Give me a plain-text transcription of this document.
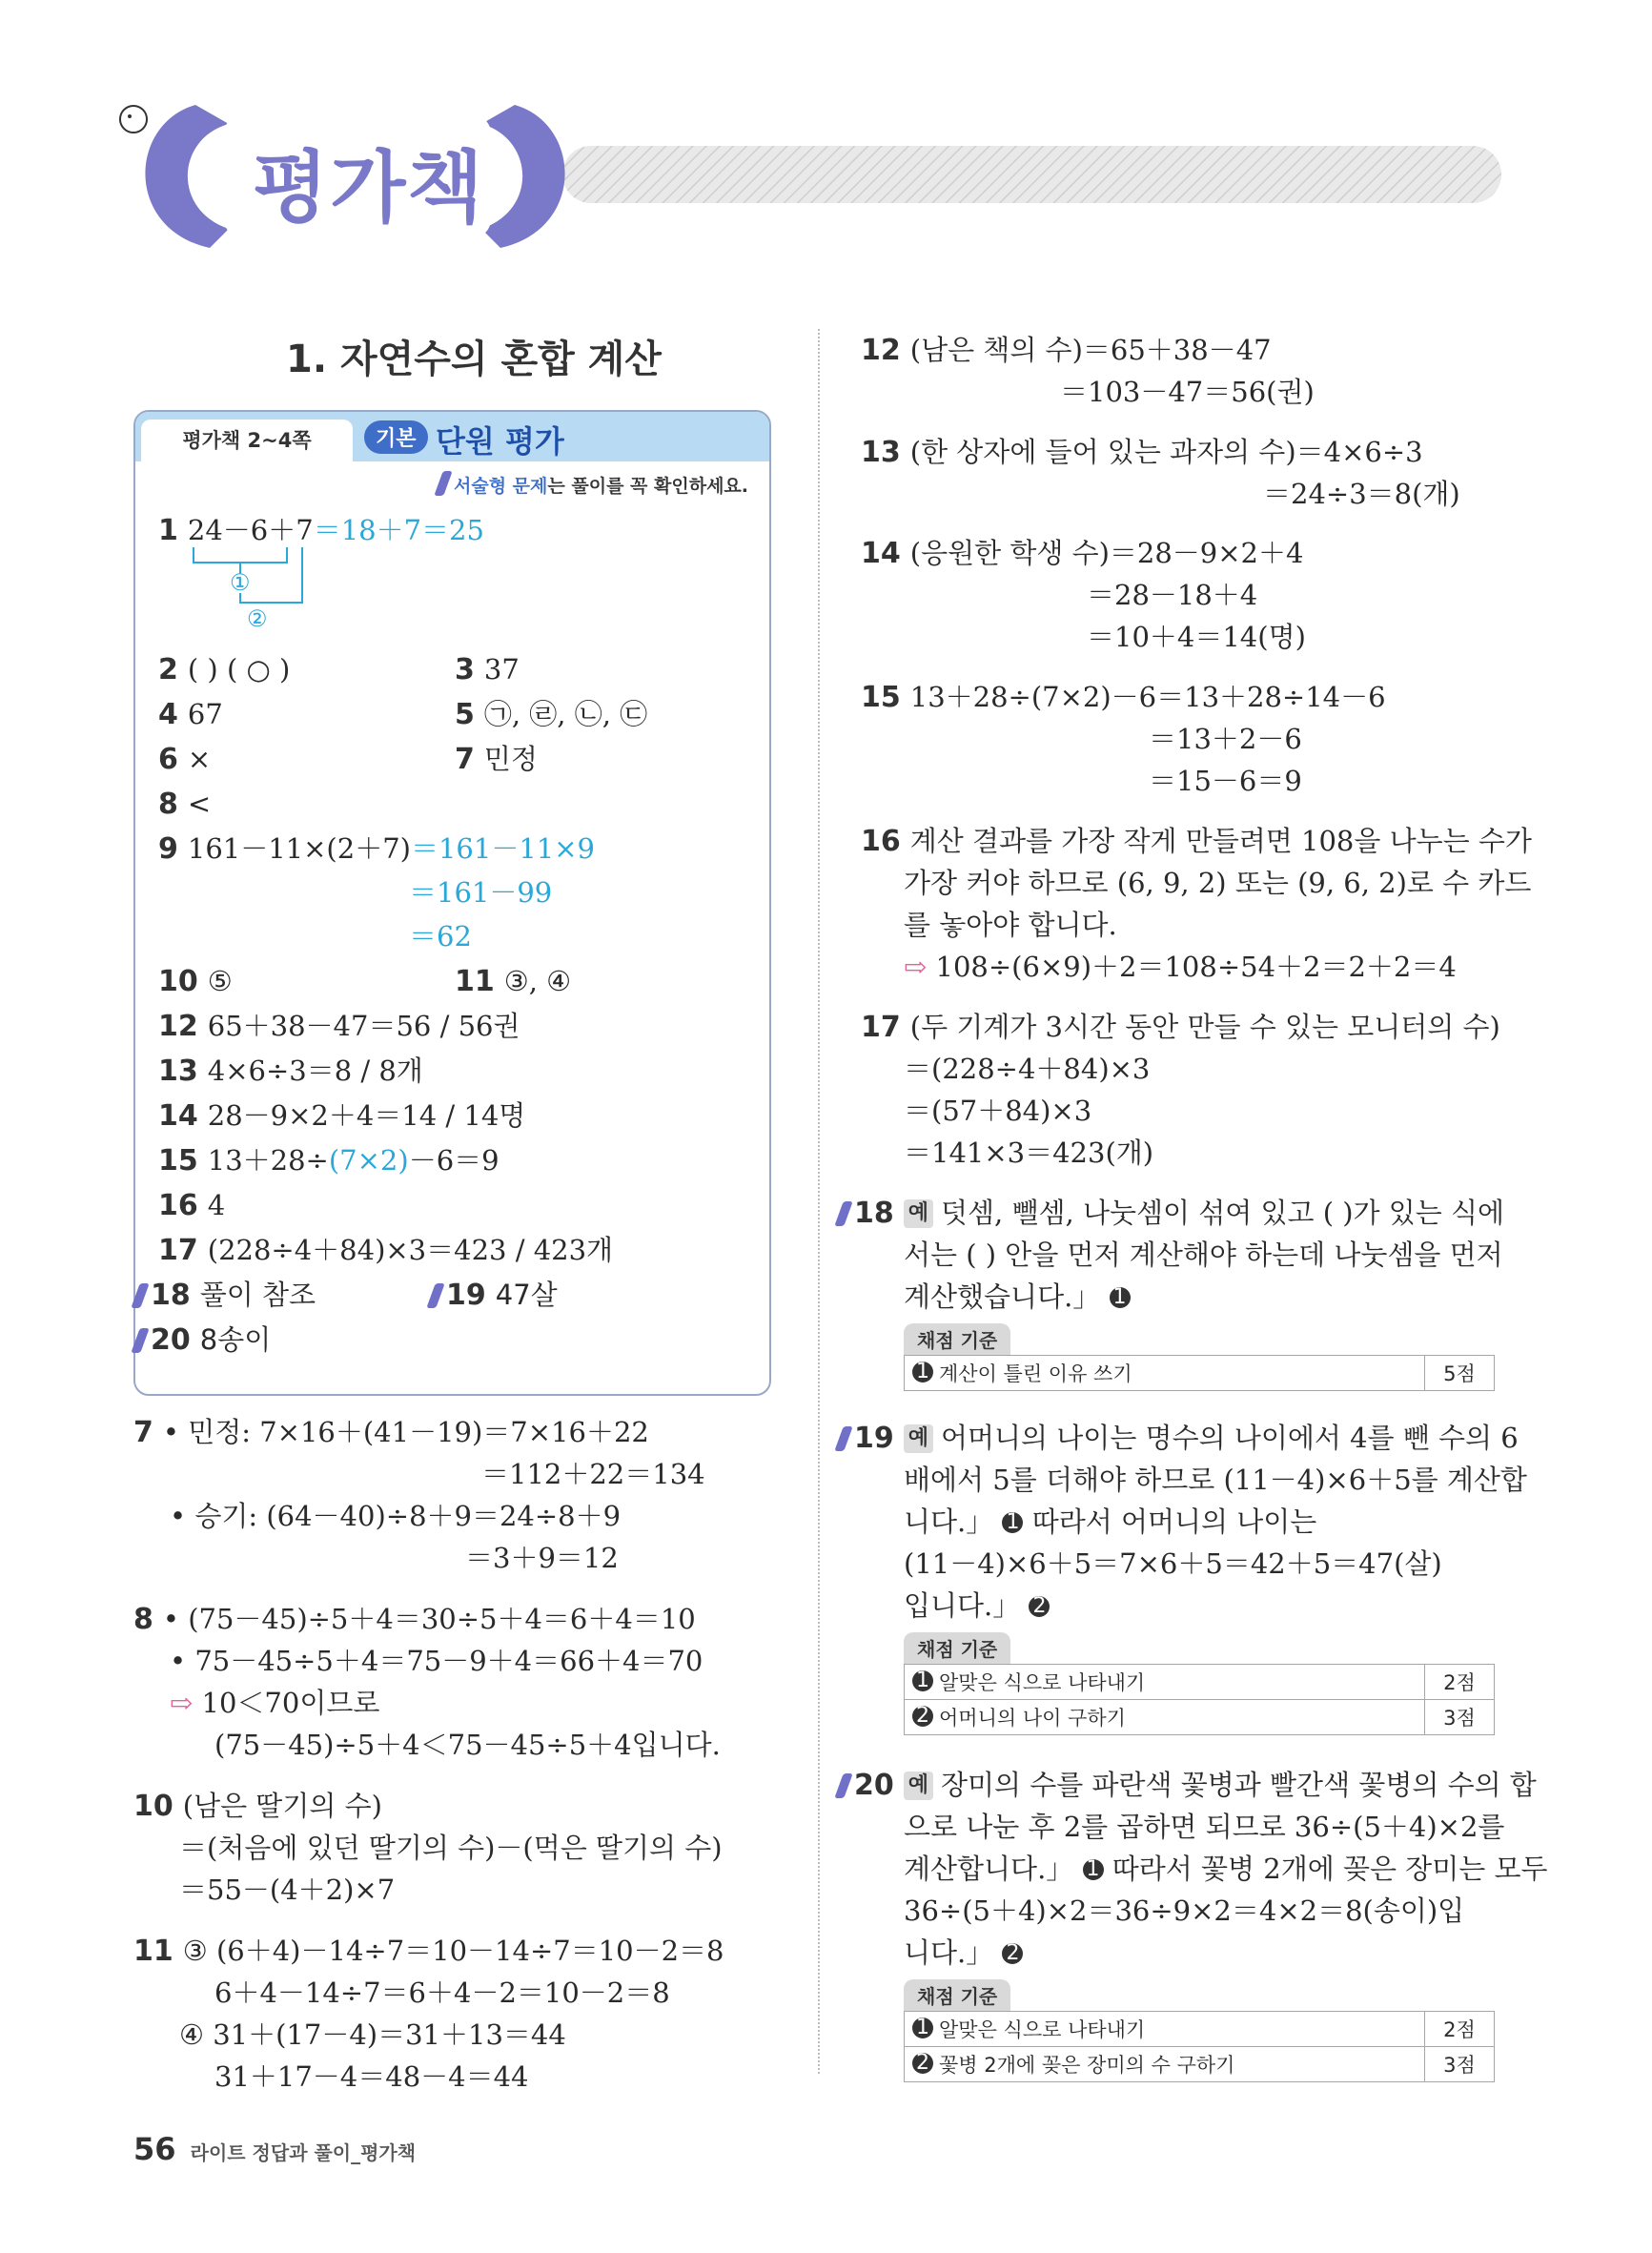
평가책
1. 자연수의 혼합 계산
평가책 2~4쪽	기본 단원 평가
서술형 문제는 풀이를 꼭 확인하세요.
1 24－6＋7＝18＋7＝25
①
②
2 ( ) ( ○ )	3 37
4 67	5 ㉠, ㉣, ㉡, ㉢
6 ×	7 민정
8 <
9 161－11×(2＋7)＝161－11×9
＝161－99
＝62
10 ⑤	11 ③, ④
12 65＋38－47＝56 / 56권
13 4×6÷3＝8 / 8개
14 28－9×2＋4＝14 / 14명
15 13＋28÷(7×2)－6＝9
16 4
17 (228÷4＋84)×3＝423 / 423개
18 풀이 참조	19 47살
20 8송이
7 • 민정: 7×16＋(41－19)＝7×16＋22
＝112＋22＝134
• 승기: (64－40)÷8＋9＝24÷8＋9
＝3＋9＝12
8 • (75－45)÷5＋4＝30÷5＋4＝6＋4＝10
• 75－45÷5＋4＝75－9＋4＝66＋4＝70
⇨ 10＜70이므로
(75－45)÷5＋4＜75－45÷5＋4입니다.
10 (남은 딸기의 수)
＝(처음에 있던 딸기의 수)－(먹은 딸기의 수)
＝55－(4＋2)×7
11 ③ (6＋4)－14÷7＝10－14÷7＝10－2＝8
6＋4－14÷7＝6＋4－2＝10－2＝8
④ 31＋(17－4)＝31＋13＝44
31＋17－4＝48－4＝44
12 (남은 책의 수)＝65＋38－47
＝103－47＝56(권)
13 (한 상자에 들어 있는 과자의 수)＝4×6÷3
＝24÷3＝8(개)
14 (응원한 학생 수)＝28－9×2＋4
＝28－18＋4
＝10＋4＝14(명)
15 13＋28÷(7×2)－6＝13＋28÷14－6
＝13＋2－6
＝15－6＝9
16 계산 결과를 가장 작게 만들려면 108을 나누는 수가
가장 커야 하므로 (6, 9, 2) 또는 (9, 6, 2)로 수 카드
를 놓아야 합니다.
⇨ 108÷(6×9)＋2＝108÷54＋2＝2＋2＝4
17 (두 기계가 3시간 동안 만들 수 있는 모니터의 수)
＝(228÷4＋84)×3
＝(57＋84)×3
＝141×3＝423(개)
18 예 덧셈, 뺄셈, 나눗셈이 섞여 있고 ( )가 있는 식에
서는 ( ) 안을 먼저 계산해야 하는데 나눗셈을 먼저
계산했습니다.」 1
채점 기준
1 계산이 틀린 이유 쓰기	5점
19 예 어머니의 나이는 명수의 나이에서 4를 뺀 수의 6
배에서 5를 더해야 하므로 (11－4)×6＋5를 계산합
니다.」 1 따라서 어머니의 나이는
(11－4)×6＋5＝7×6＋5＝42＋5＝47(살)
입니다.」 2
채점 기준
1 알맞은 식으로 나타내기	2점
2 어머니의 나이 구하기	3점
20 예 장미의 수를 파란색 꽃병과 빨간색 꽃병의 수의 합
으로 나눈 후 2를 곱하면 되므로 36÷(5＋4)×2를
계산합니다.」 1 따라서 꽃병 2개에 꽂은 장미는 모두
36÷(5＋4)×2＝36÷9×2＝4×2＝8(송이)입
니다.」 2
채점 기준
1 알맞은 식으로 나타내기	2점
2 꽃병 2개에 꽂은 장미의 수 구하기	3점
56 라이트 정답과 풀이_평가책
